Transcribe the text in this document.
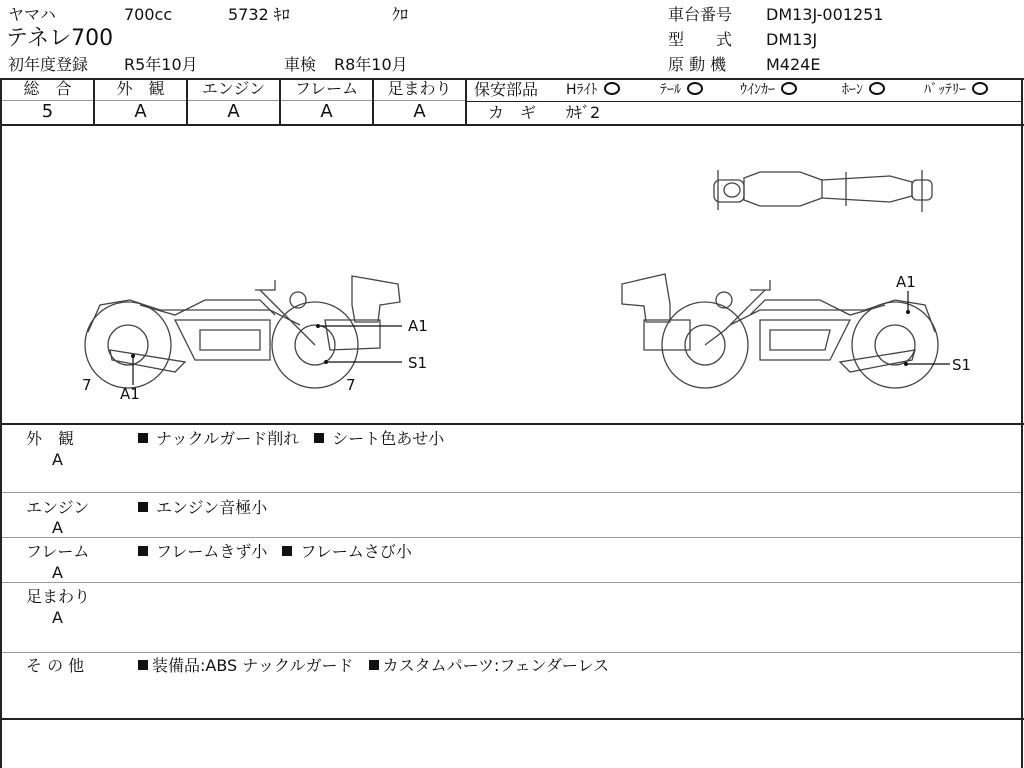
ヤマハ	700cc	5732 ｷﾛ	ｸﾛ
テネレ700
初年度登録 R5年10月	車検 R8年10月
車台番号 DM13J-001251
型　　式 DM13J
原 動 機 M424E
総　合
5
外　観
A
エンジン
A
フレーム
A
足まわり
A
保安部品 Hﾗｲﾄ	ﾃｰﾙ	ｳｲﾝｶｰ	ﾎｰﾝ	ﾊﾞｯﾃﾘｰ
カ　ギ ｶｷﾞ2
A1
S1
7	7
A1
A1
S1
外　観
A
ナックルガード削れ シート色あせ小
エンジン
A
エンジン音極小
フレーム
A
フレームきず小 フレームさび小
足まわり
A
そ の 他	装備品:ABS ナックルガード カスタムパーツ:フェンダーレス
